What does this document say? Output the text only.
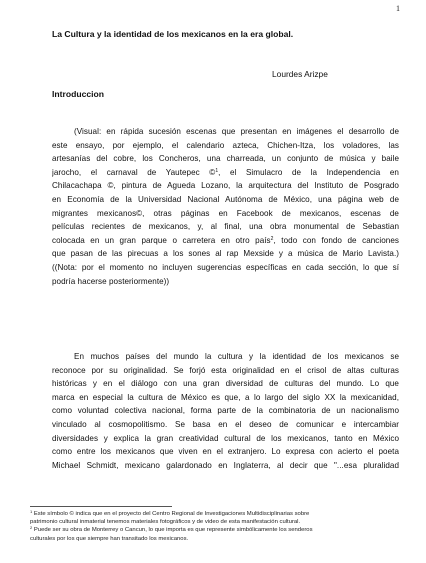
1
La Cultura y la identidad de los mexicanos en la era global.
Lourdes Arizpe
Introduccion
(Visual: en rápida sucesión escenas que presentan en imágenes el desarrollo de
este ensayo, por ejemplo, el calendario azteca, Chichen-Itza, los voladores, las
artesanías del cobre, los Concheros, una charreada, un conjunto de música y baile
jarocho, el carnaval de Yautepec ©$^1$, el Simulacro de la Independencia en
Chilacachapa ©, pintura de Agueda Lozano, la arquitectura del Instituto de Posgrado
en Economía de la Universidad Nacional Autónoma de México, una página web de
migrantes mexicanos©, otras páginas en Facebook de mexicanos, escenas de
películas recientes de mexicanos, y, al final, una obra monumental de Sebastian
colocada en un gran parque o carretera en otro país$^2$, todo con fondo de canciones
que pasan de las pirecuas a los sones al rap Mexside y a música de Mario Lavista.)
((Nota: por el momento no incluyen sugerencias específicas en cada sección, lo que sí
podría hacerse posteriormente))
En muchos países del mundo la cultura y la identidad de los mexicanos se
reconoce por su originalidad. Se forjó esta originalidad en el crisol de altas culturas
históricas y en el diálogo con una gran diversidad de culturas del mundo. Lo que
marca en especial la cultura de México es que, a lo largo del siglo XX la mexicanidad,
como voluntad colectiva nacional, forma parte de la combinatoria de un nacionalismo
vinculado al cosmopolitismo. Se basa en el deseo de comunicar e intercambiar
diversidades y explica la gran creatividad cultural de los mexicanos, tanto en México
como entre los mexicanos que viven en el extranjero. Lo expresa con acierto el poeta
Michael Schmidt, mexicano galardonado en Inglaterra, al decir que "...esa pluralidad
$^1$ Este símbolo © indica que en el proyecto del Centro Regional de Investigaciones Multidisciplinarias sobre
patrimonio cultural inmaterial tenemos materiales fotográficos y de video de esta manifestación cultural.
$^2$ Puede ser su obra de Monterrey o Cancun, lo que importa es que represente simbólicamente los senderos
culturales por los que siempre han transitado los mexicanos.
